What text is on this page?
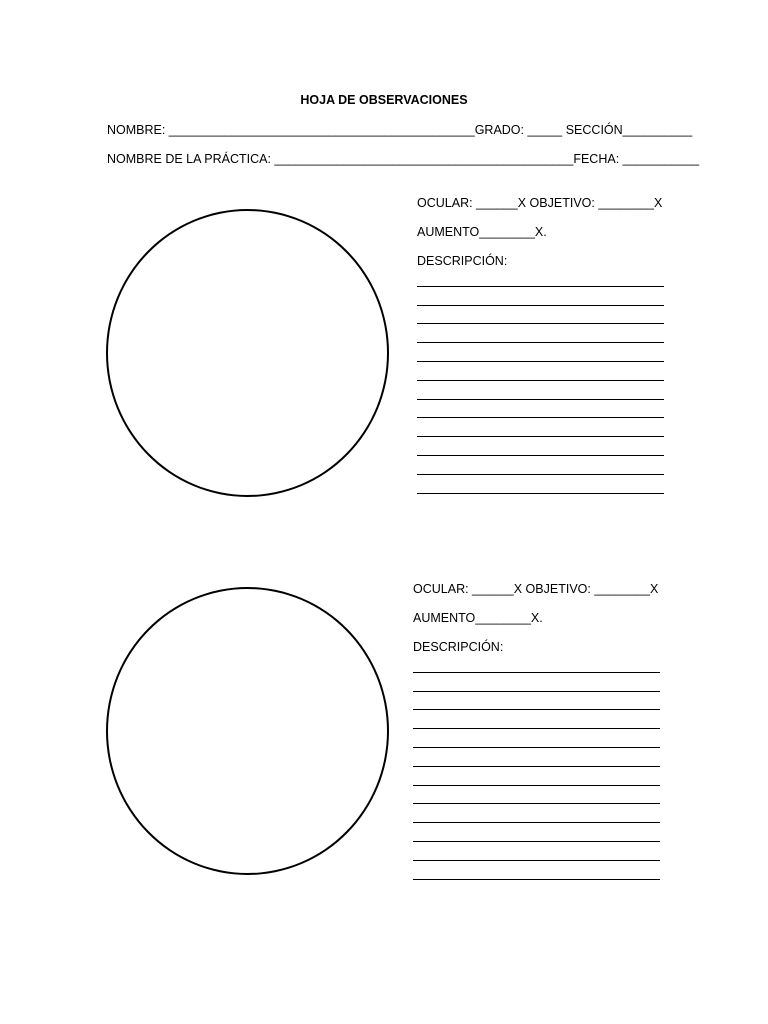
HOJA DE OBSERVACIONES
NOMBRE: ____________________________________________GRADO: _____ SECCIÓN__________
NOMBRE DE LA PRÁCTICA: ___________________________________________FECHA: ___________
OCULAR: ______X OBJETIVO: ________X
AUMENTO________X.
DESCRIPCIÓN:
OCULAR: ______X OBJETIVO: ________X
AUMENTO________X.
DESCRIPCIÓN:
